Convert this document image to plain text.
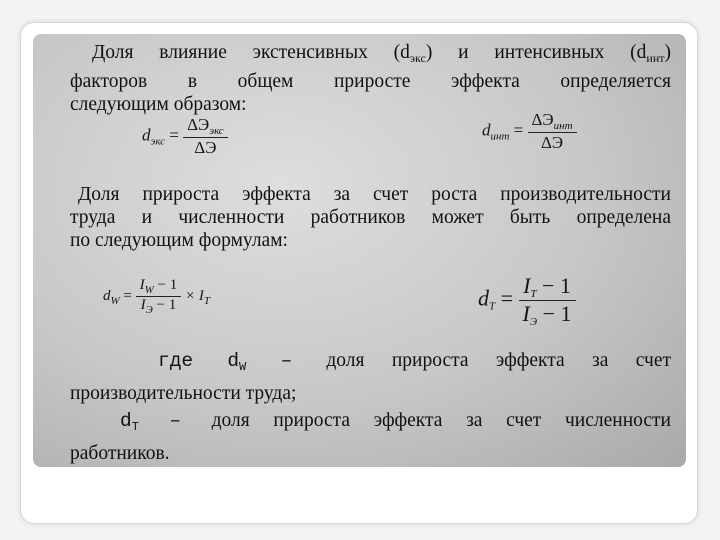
Доля влияние экстенсивных $(d_{экс})$ и интенсивных $(d_{инт})$
факторов в общем приросте эффекта определяется
следующим образом:

$d_{экс} = \frac{\Delta Э_{экс}}{\Delta Э}$	$d_{инт} = \frac{\Delta Э_{инт}}{\Delta Э}$

Доля прироста эффекта за счет роста производительности
труда и численности работников может быть определена
по следующим формулам:

$d_W = \frac{I_W - 1}{I_Э - 1} \times I_T$	dT = $\frac{IT - 1}{IЭ - 1}$

где $d_W$ – доля прироста эффекта за счет
производительности труда;
$d_T$ – доля прироста эффекта за счет численности
работников.
